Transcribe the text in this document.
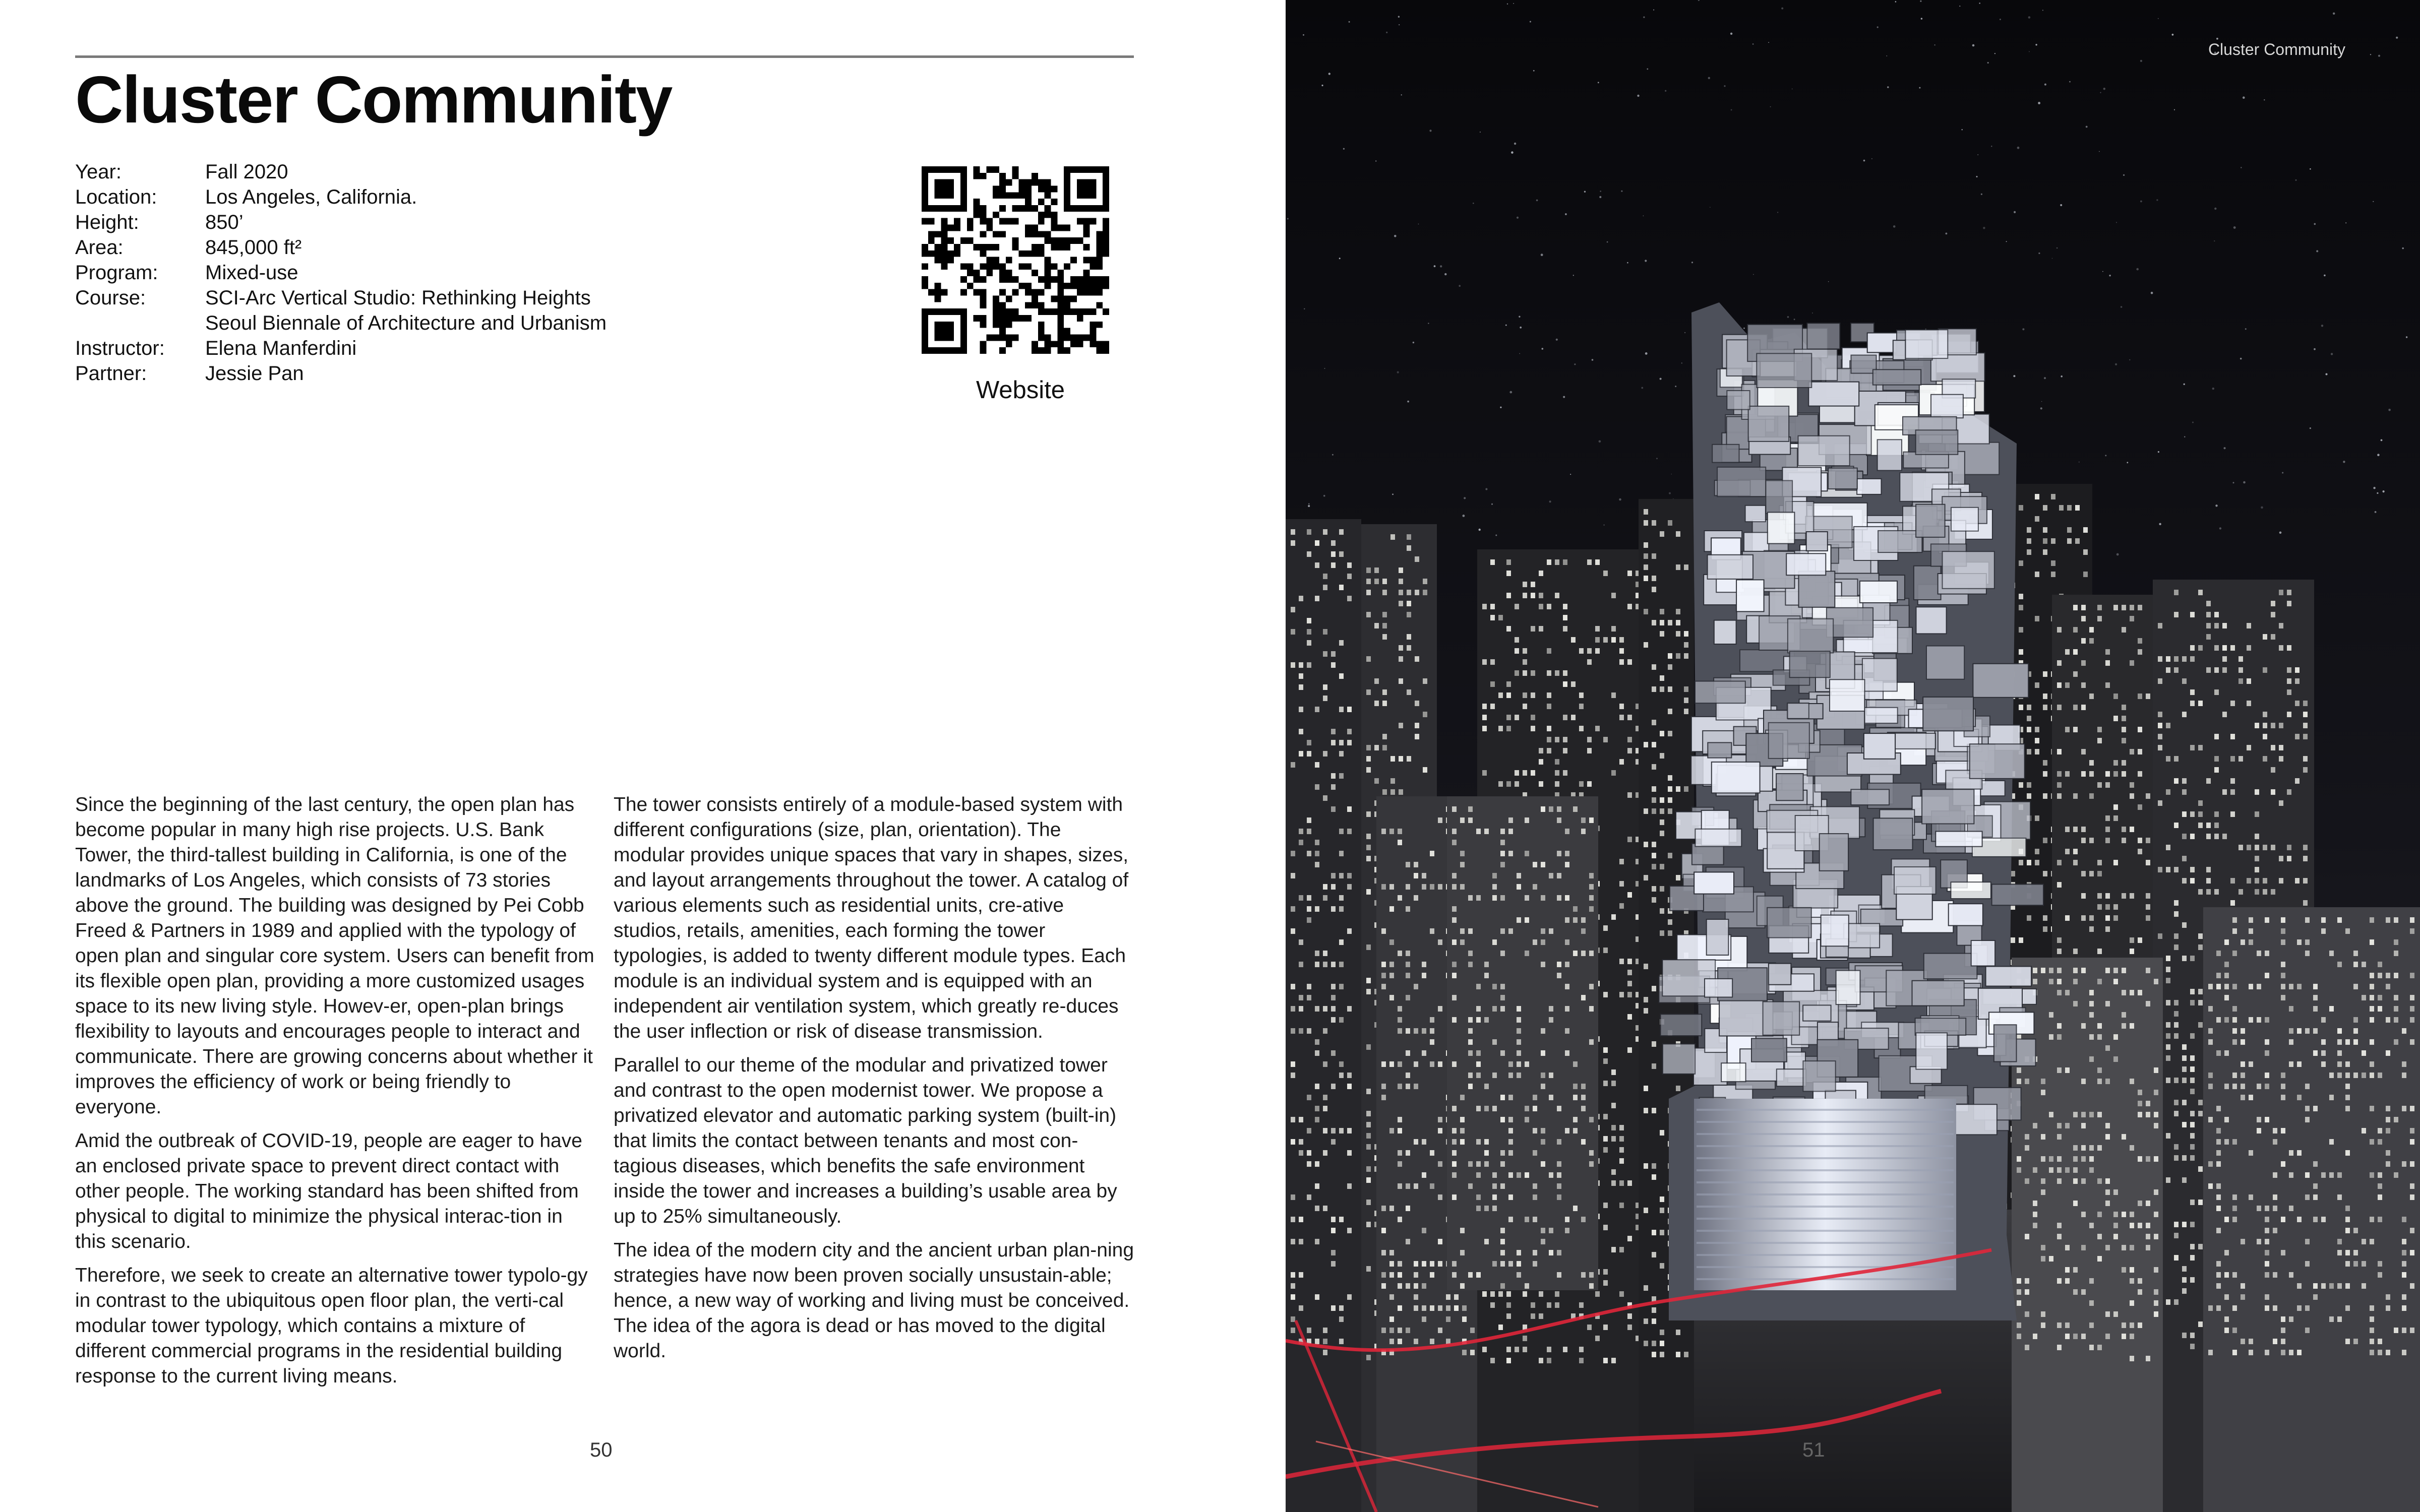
Cluster Community
Year:	Fall 2020
Location:	Los Angeles, California.
Height:	850’
Area:	845,000 ft²
Program:	Mixed-use
Course:	SCI-Arc Vertical Studio: Rethinking Heights
Seoul Biennale of Architecture and Urbanism
Instructor:	Elena Manferdini
Partner:	Jessie Pan
Website

Since the beginning of the last century, the open plan has become popular in many high rise projects. U.S. Bank Tower, the third-tallest building in California, is one of the landmarks of Los Angeles, which consists of 73 stories above the ground. The building was designed by Pei Cobb Freed & Partners in 1989 and applied with the typology of open plan and singular core system. Users can benefit from its flexible open plan, providing a more customized usages space to its new living style. Howev-er, open-plan brings flexibility to layouts and encourages people to interact and communicate. There are growing concerns about whether it improves the efficiency of work or being friendly to everyone.

Amid the outbreak of COVID-19, people are eager to have an enclosed private space to prevent direct contact with other people. The working standard has been shifted from physical to digital to minimize the physical interac-tion in this scenario.

Therefore, we seek to create an alternative tower typolo-gy in contrast to the ubiquitous open floor plan, the verti-cal modular tower typology, which contains a mixture of different commercial programs in the residential building response to the current living means.

The tower consists entirely of a module-based system with different configurations (size, plan, orientation). The modular provides unique spaces that vary in shapes, sizes, and layout arrangements throughout the tower. A catalog of various elements such as residential units, cre-ative studios, retails, amenities, each forming the tower typologies, is added to twenty different module types. Each module is an individual system and is equipped with an independent air ventilation system, which greatly re-duces the user inflection or risk of disease transmission.

Parallel to our theme of the modular and privatized tower and contrast to the open modernist tower. We propose a privatized elevator and automatic parking system (built-in) that limits the contact between tenants and most con-tagious diseases, which benefits the safe environment inside the tower and increases a building’s usable area by up to 25% simultaneously.

The idea of the modern city and the ancient urban plan-ning strategies have now been proven socially unsustain-able; hence, a new way of working and living must be conceived. The idea of the agora is dead or has moved to the digital world.

50
Cluster Community
51
